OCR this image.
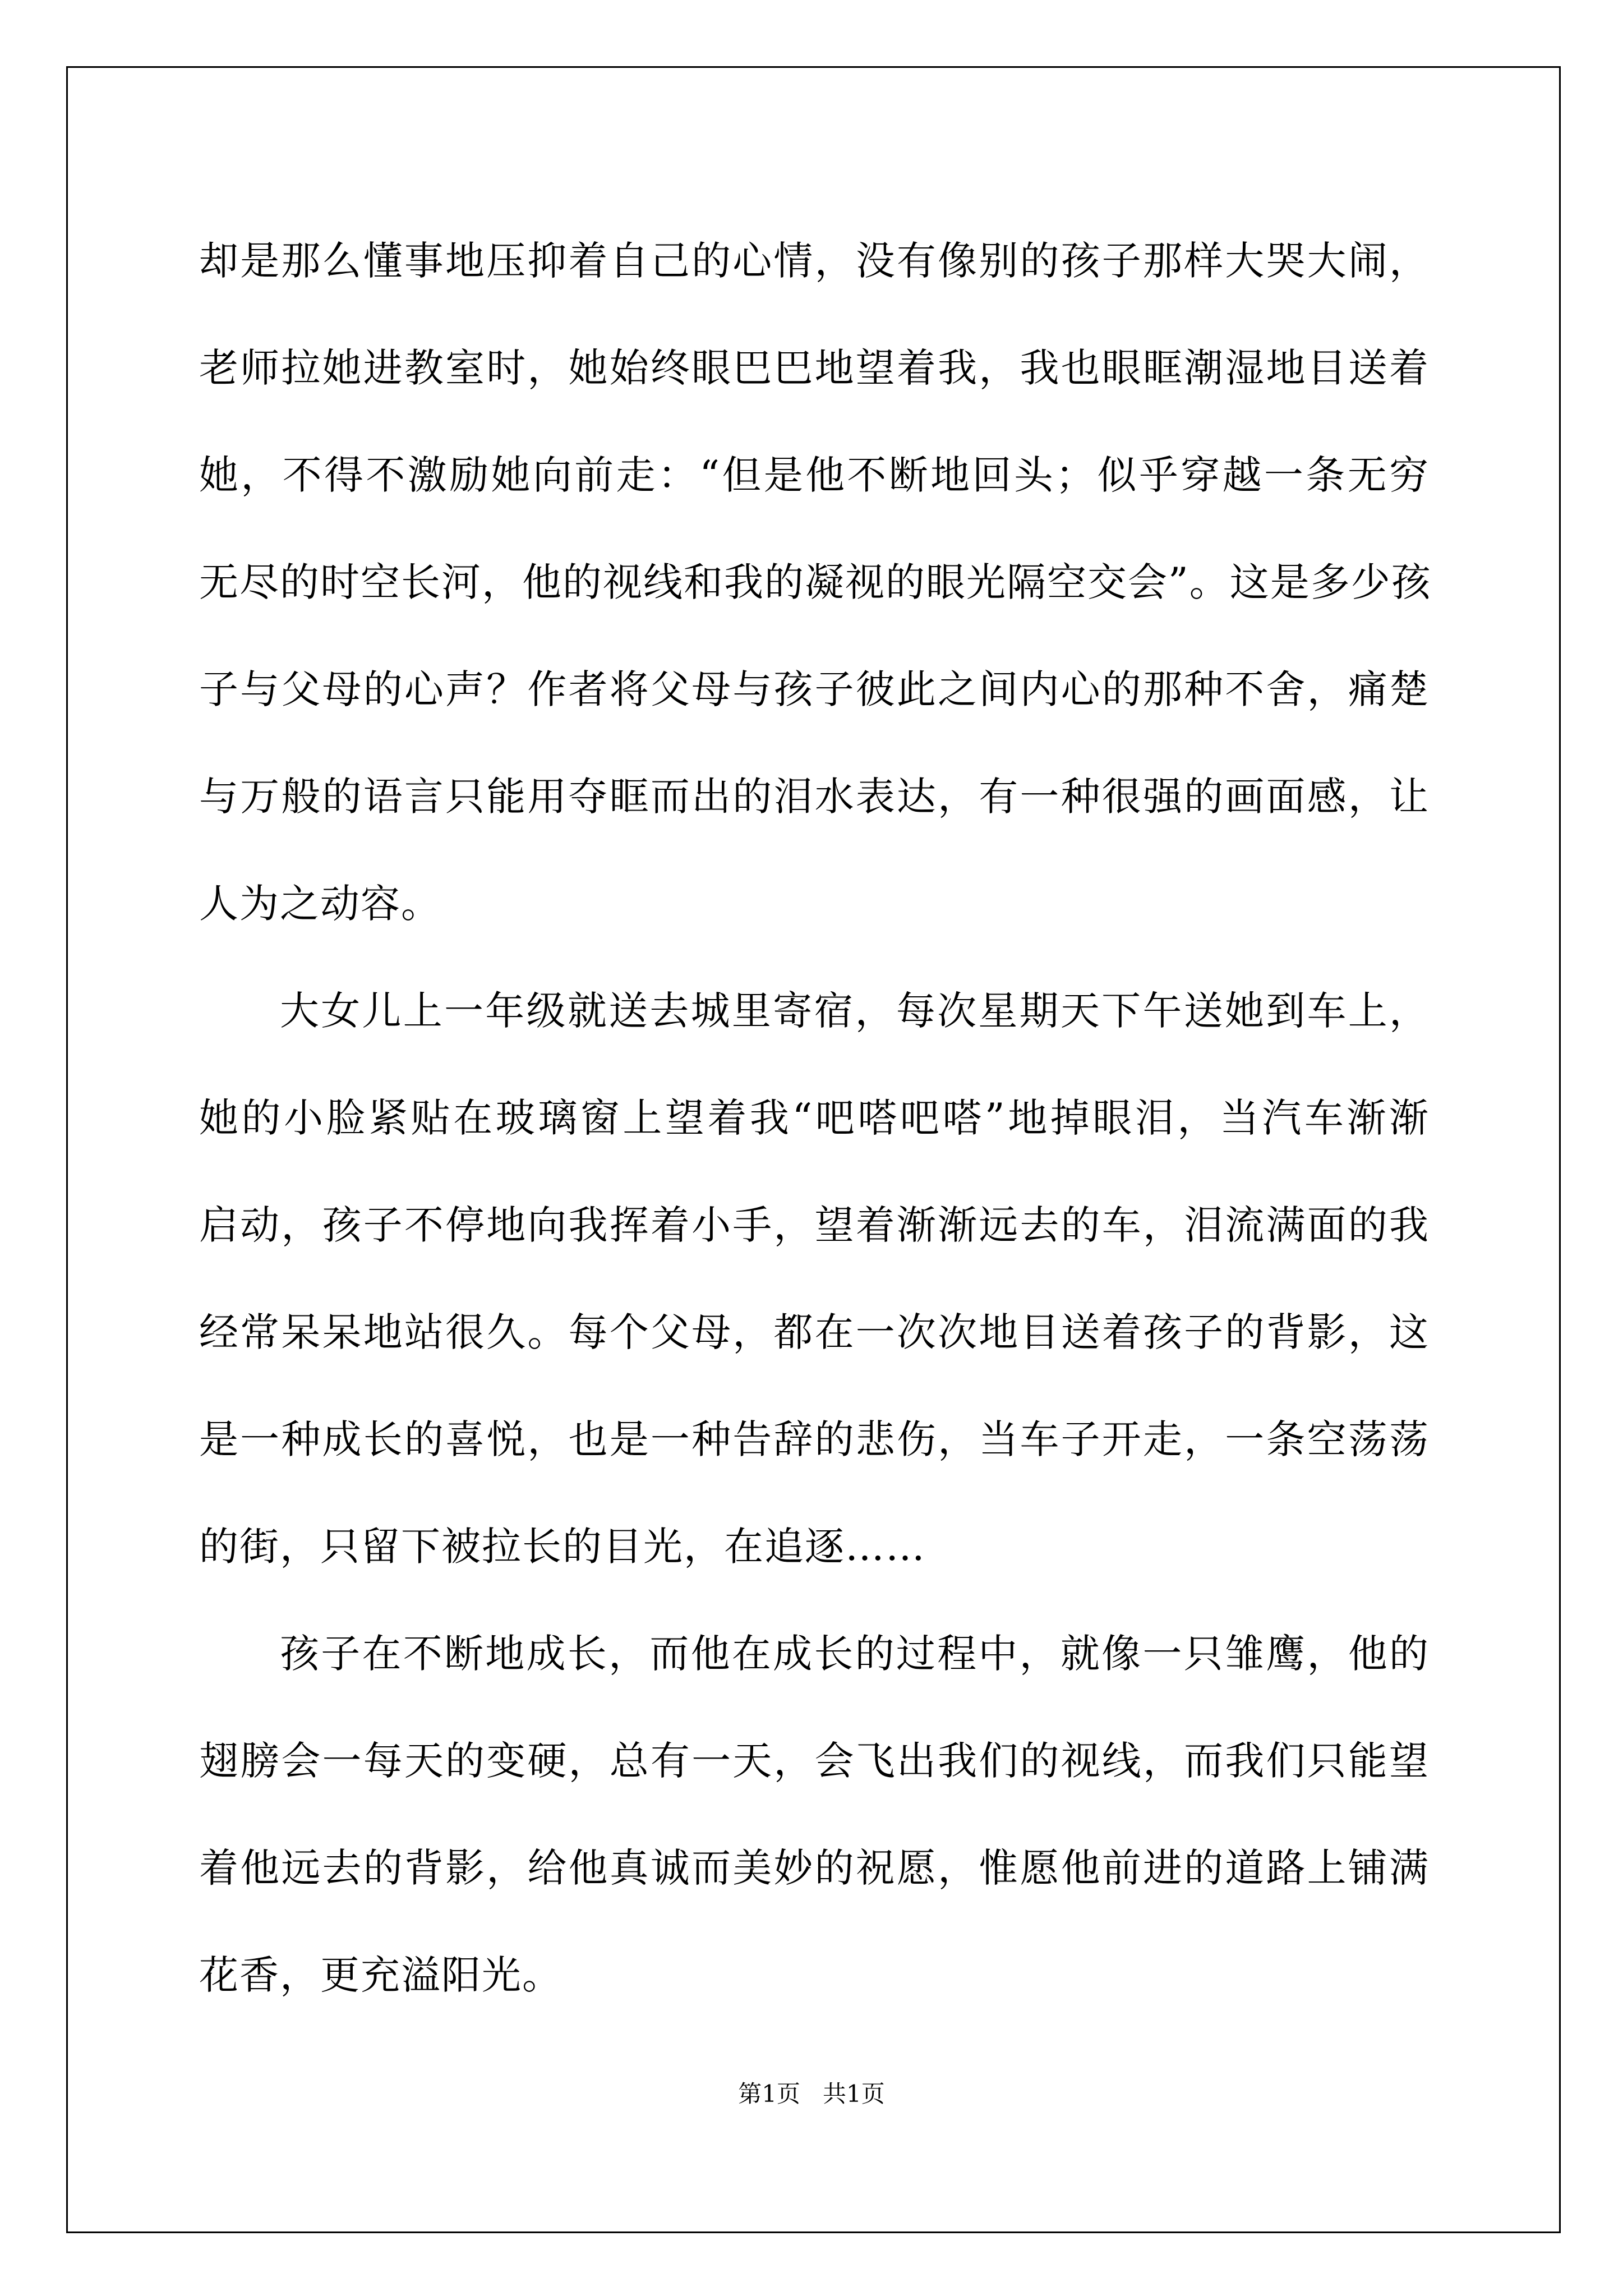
却是那么懂事地压抑着自己的心情，没有像别的孩子那样大哭大闹，
老师拉她进教室时，她始终眼巴巴地望着我，我也眼眶潮湿地目送着
她，不得不激励她向前走：“但是他不断地回头；似乎穿越一条无穷
无尽的时空长河，他的视线和我的凝视的眼光隔空交会”。这是多少孩
子与父母的心声？作者将父母与孩子彼此之间内心的那种不舍，痛楚
与万般的语言只能用夺眶而出的泪水表达，有一种很强的画面感，让
人为之动容。
大女儿上一年级就送去城里寄宿，每次星期天下午送她到车上，
她的小脸紧贴在玻璃窗上望着我“吧嗒吧嗒”地掉眼泪，当汽车渐渐
启动，孩子不停地向我挥着小手，望着渐渐远去的车，泪流满面的我
经常呆呆地站很久。每个父母，都在一次次地目送着孩子的背影，这
是一种成长的喜悦，也是一种告辞的悲伤，当车子开走，一条空荡荡
的街，只留下被拉长的目光，在追逐……
孩子在不断地成长，而他在成长的过程中，就像一只雏鹰，他的
翅膀会一每天的变硬，总有一天，会飞出我们的视线，而我们只能望
着他远去的背影，给他真诚而美妙的祝愿，惟愿他前进的道路上铺满
花香，更充溢阳光。
第1页 共1页
